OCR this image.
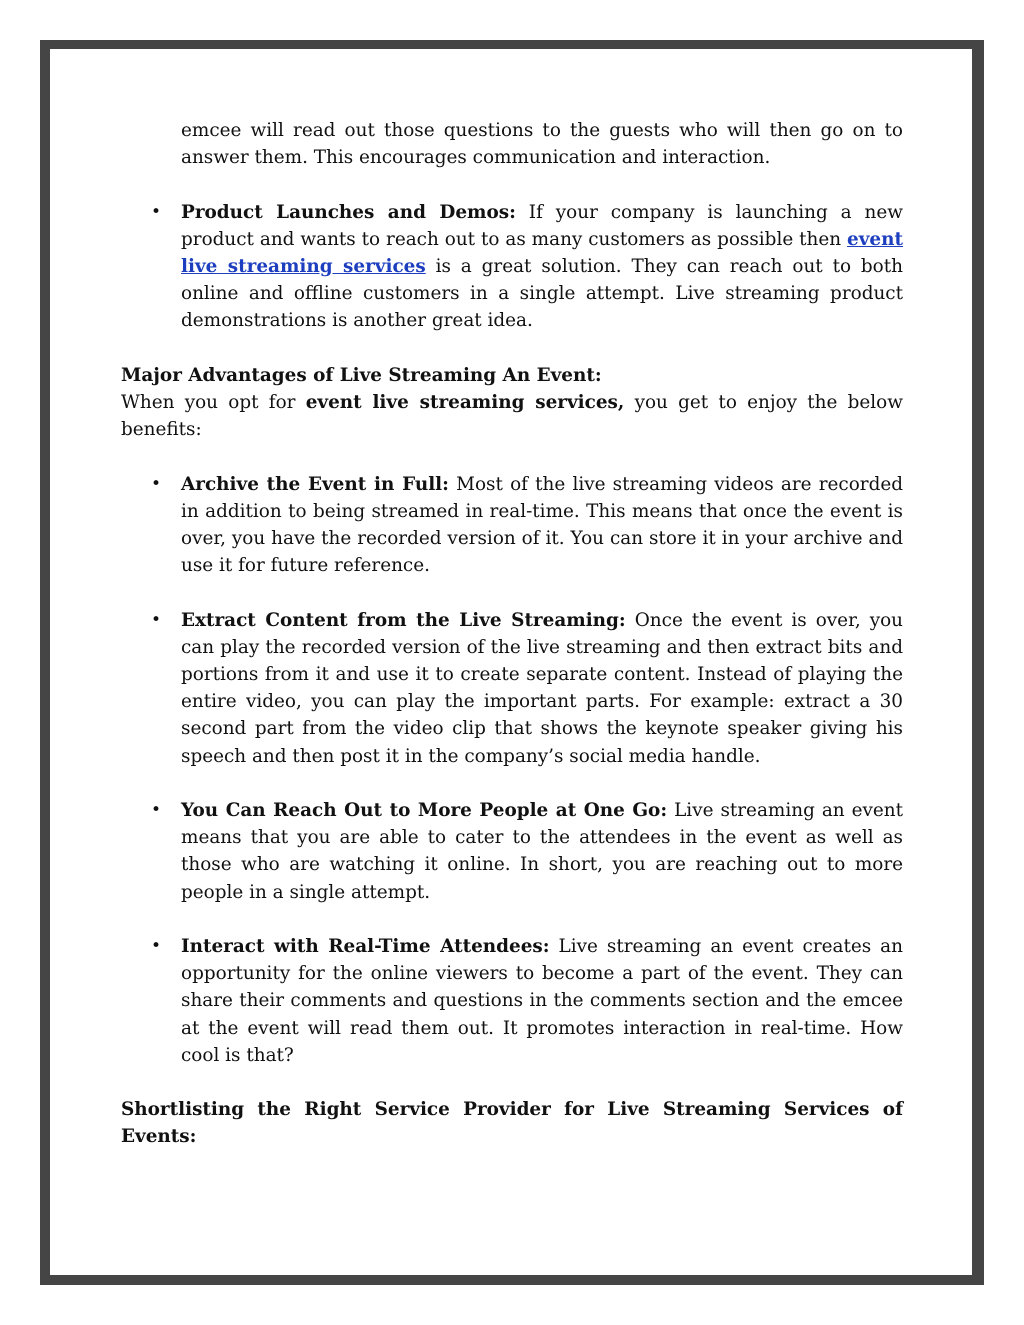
emcee will read out those questions to the guests who will then go on to answer them. This encourages communication and interaction.

• Product Launches and Demos: If your company is launching a new product and wants to reach out to as many customers as possible then event live streaming services is a great solution. They can reach out to both online and offline customers in a single attempt. Live streaming product demonstrations is another great idea.

Major Advantages of Live Streaming An Event:

When you opt for event live streaming services, you get to enjoy the below benefits:

• Archive the Event in Full: Most of the live streaming videos are recorded in addition to being streamed in real-time. This means that once the event is over, you have the recorded version of it. You can store it in your archive and use it for future reference.
• Extract Content from the Live Streaming: Once the event is over, you can play the recorded version of the live streaming and then extract bits and portions from it and use it to create separate content. Instead of playing the entire video, you can play the important parts. For example: extract a 30 second part from the video clip that shows the keynote speaker giving his speech and then post it in the company’s social media handle.
• You Can Reach Out to More People at One Go: Live streaming an event means that you are able to cater to the attendees in the event as well as those who are watching it online. In short, you are reaching out to more people in a single attempt.
• Interact with Real-Time Attendees: Live streaming an event creates an opportunity for the online viewers to become a part of the event. They can share their comments and questions in the comments section and the emcee at the event will read them out. It promotes interaction in real-time. How cool is that?

Shortlisting the Right Service Provider for Live Streaming Services of Events:
